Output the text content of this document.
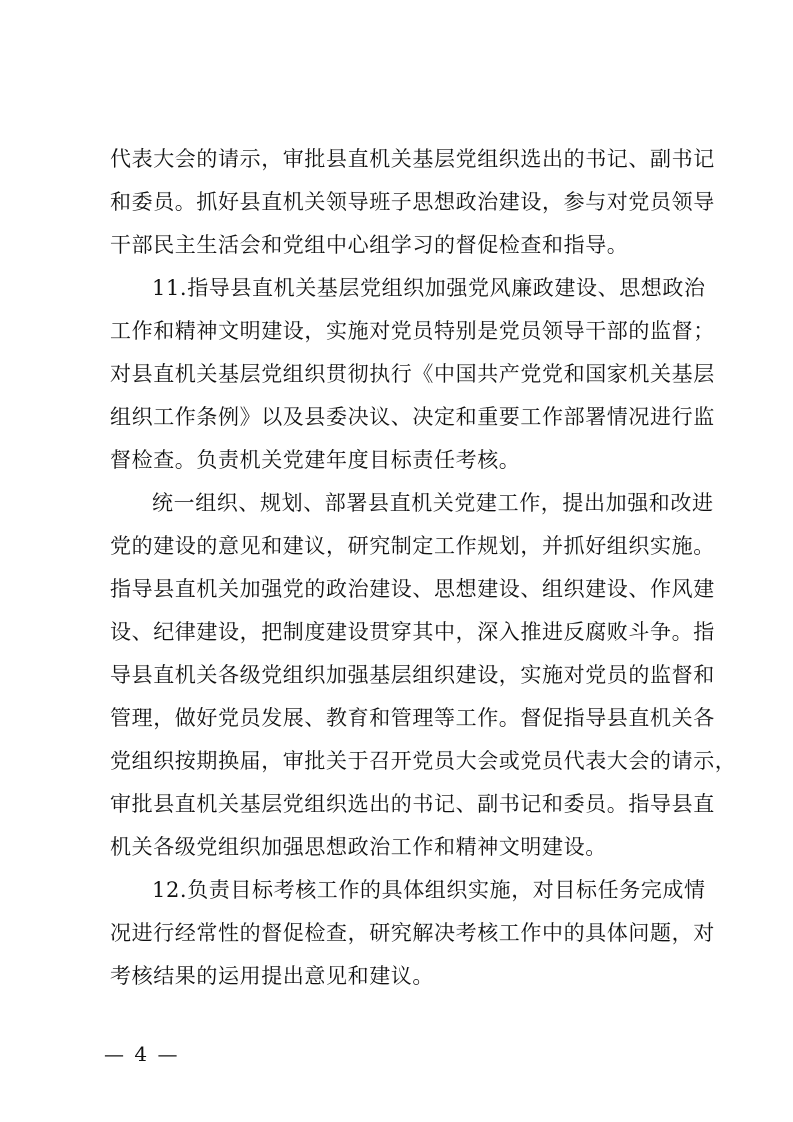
代表大会的请示，审批县直机关基层党组织选出的书记、副书记
和委员。抓好县直机关领导班子思想政治建设，参与对党员领导
干部民主生活会和党组中心组学习的督促检查和指导。
11.指导县直机关基层党组织加强党风廉政建设、思想政治
工作和精神文明建设，实施对党员特别是党员领导干部的监督；
对县直机关基层党组织贯彻执行《中国共产党党和国家机关基层
组织工作条例》以及县委决议、决定和重要工作部署情况进行监
督检查。负责机关党建年度目标责任考核。
统一组织、规划、部署县直机关党建工作，提出加强和改进
党的建设的意见和建议，研究制定工作规划，并抓好组织实施。
指导县直机关加强党的政治建设、思想建设、组织建设、作风建
设、纪律建设，把制度建设贯穿其中，深入推进反腐败斗争。指
导县直机关各级党组织加强基层组织建设，实施对党员的监督和
管理，做好党员发展、教育和管理等工作。督促指导县直机关各
党组织按期换届，审批关于召开党员大会或党员代表大会的请示，
审批县直机关基层党组织选出的书记、副书记和委员。指导县直
机关各级党组织加强思想政治工作和精神文明建设。
12.负责目标考核工作的具体组织实施，对目标任务完成情
况进行经常性的督促检查，研究解决考核工作中的具体问题，对
考核结果的运用提出意见和建议。
— 4 —
